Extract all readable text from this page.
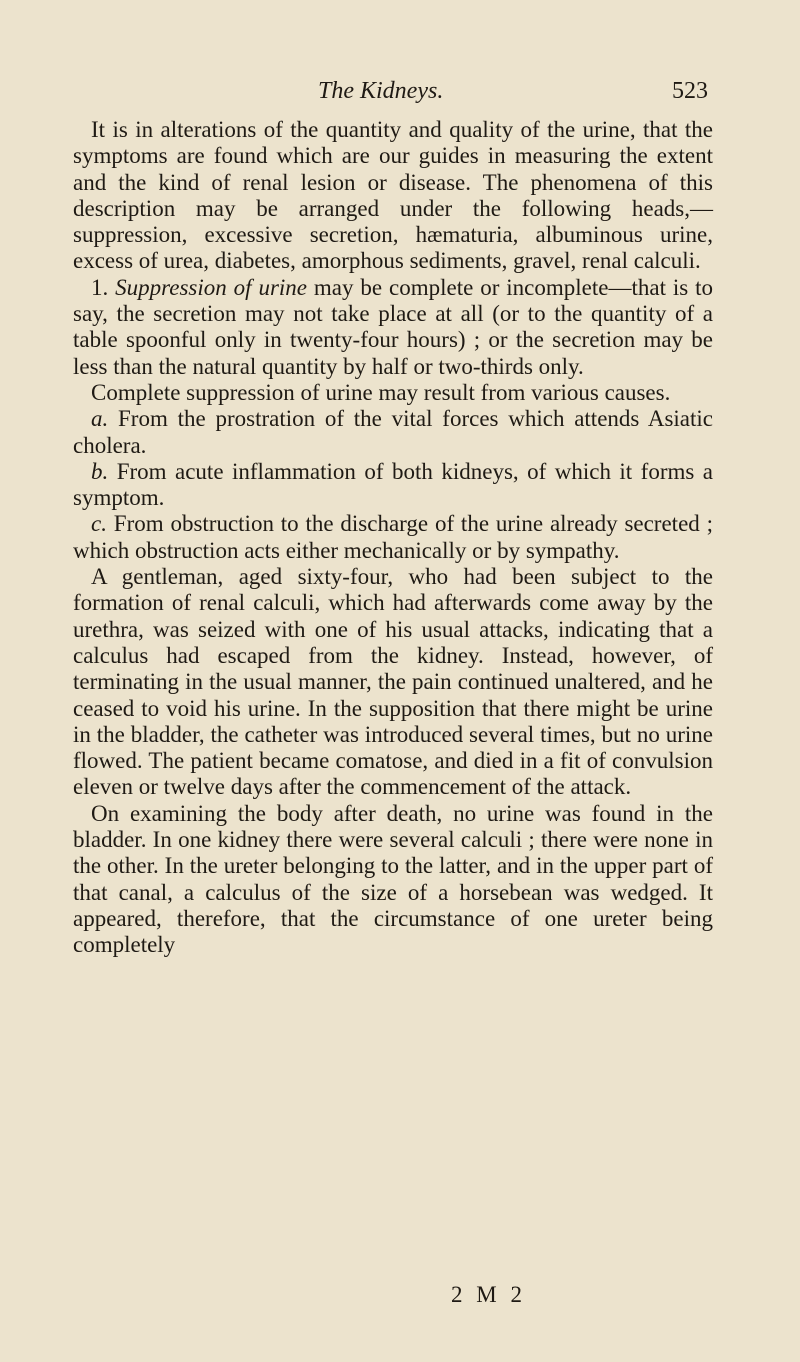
The Kidneys.	523

It is in alterations of the quantity and quality of the urine, that the symptoms are found which are our guides in measuring the extent and the kind of renal lesion or disease. The phenomena of this description may be arranged under the following heads,—suppression, excessive secretion, hæmaturia, albuminous urine, excess of urea, diabetes, amorphous sediments, gravel, renal calculi.

1. Suppression of urine may be complete or incomplete—that is to say, the secretion may not take place at all (or to the quantity of a table spoonful only in twenty-four hours) ; or the secretion may be less than the natural quantity by half or two-thirds only.

Complete suppression of urine may result from various causes.

a. From the prostration of the vital forces which attends Asiatic cholera.

b. From acute inflammation of both kidneys, of which it forms a symptom.

c. From obstruction to the discharge of the urine already secreted ; which obstruction acts either mechanically or by sympathy.

A gentleman, aged sixty-four, who had been subject to the formation of renal calculi, which had afterwards come away by the urethra, was seized with one of his usual attacks, indicating that a calculus had escaped from the kidney. Instead, however, of terminating in the usual manner, the pain continued unaltered, and he ceased to void his urine. In the supposition that there might be urine in the bladder, the catheter was introduced several times, but no urine flowed. The patient became comatose, and died in a fit of convulsion eleven or twelve days after the commencement of the attack.

On examining the body after death, no urine was found in the bladder. In one kidney there were several calculi ; there were none in the other. In the ureter belonging to the latter, and in the upper part of that canal, a calculus of the size of a horsebean was wedged. It appeared, therefore, that the circumstance of one ureter being completely

2 M 2
